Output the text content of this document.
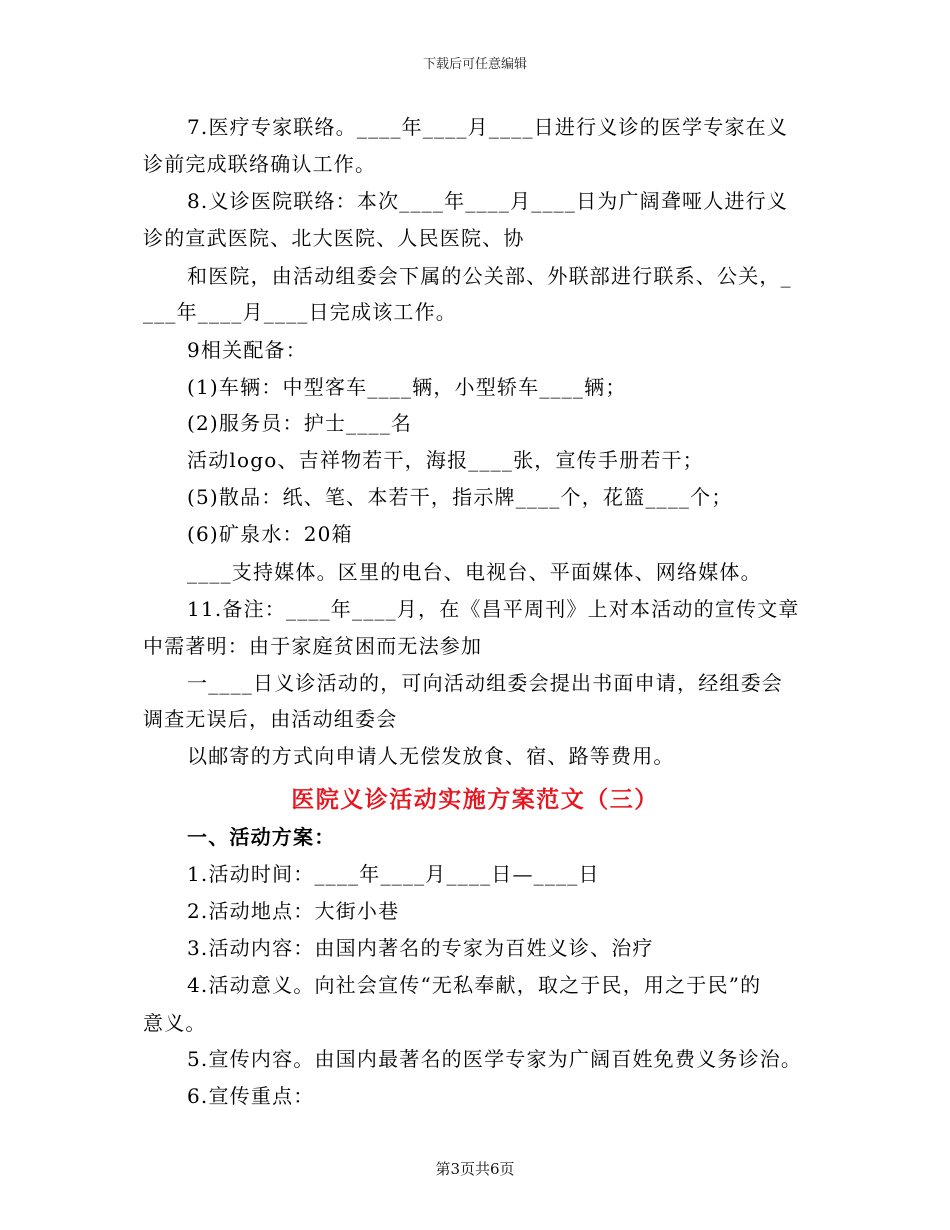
下载后可任意编辑
7.医疗专家联络。____年____月____日进行义诊的医学专家在义
诊前完成联络确认工作。
8.义诊医院联络：本次____年____月____日为广阔聋哑人进行义
诊的宣武医院、北大医院、人民医院、协
和医院，由活动组委会下属的公关部、外联部进行联系、公关，_
___年____月____日完成该工作。
9相关配备：
(1)车辆：中型客车____辆，小型轿车____辆；
(2)服务员：护士____名
活动logo、吉祥物若干，海报____张，宣传手册若干；
(5)散品：纸、笔、本若干，指示牌____个，花篮____个；
(6)矿泉水：20箱
____支持媒体。区里的电台、电视台、平面媒体、网络媒体。
11.备注：____年____月，在《昌平周刊》上对本活动的宣传文章
中需著明：由于家庭贫困而无法参加
一____日义诊活动的，可向活动组委会提出书面申请，经组委会
调查无误后，由活动组委会
以邮寄的方式向申请人无偿发放食、宿、路等费用。
医院义诊活动实施方案范文（三）
一、活动方案：
1.活动时间：____年____月____日—____日
2.活动地点：大街小巷
3.活动内容：由国内著名的专家为百姓义诊、治疗
4.活动意义。向社会宣传“无私奉献，取之于民，用之于民”的
意义。
5.宣传内容。由国内最著名的医学专家为广阔百姓免费义务诊治。
6.宣传重点：
第3页共6页
